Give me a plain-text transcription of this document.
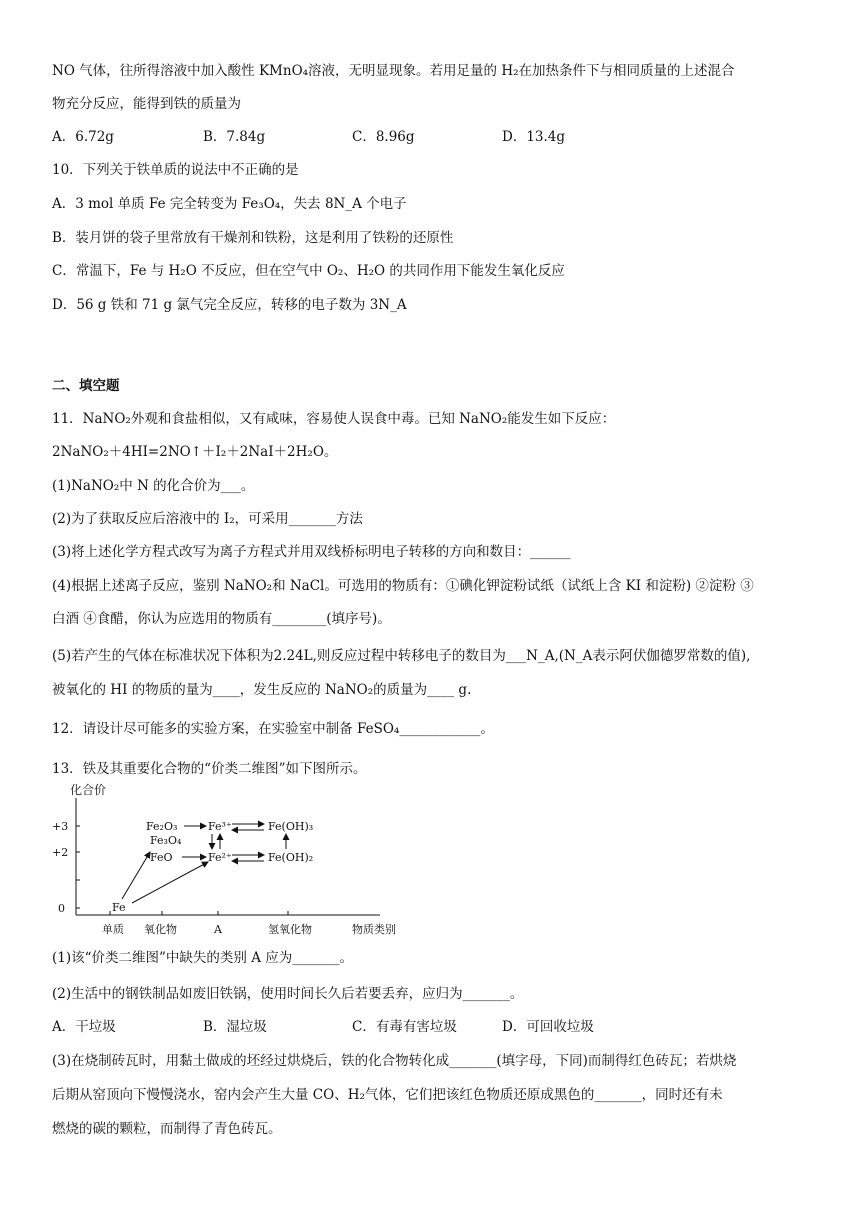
NO 气体，往所得溶液中加入酸性 KMnO₄溶液，无明显现象。若用足量的 H₂在加热条件下与相同质量的上述混合
物充分反应，能得到铁的质量为
A．6.72g	B．7.84g	C．8.96g	D．13.4g
10．下列关于铁单质的说法中不正确的是
A．3 mol 单质 Fe 完全转变为 Fe₃O₄，失去 8N_A 个电子
B．装月饼的袋子里常放有干燥剂和铁粉，这是利用了铁粉的还原性
C．常温下，Fe 与 H₂O 不反应，但在空气中 O₂、H₂O 的共同作用下能发生氧化反应
D．56 g 铁和 71 g 氯气完全反应，转移的电子数为 3N_A
二、填空题
11．NaNO₂外观和食盐相似，又有咸味，容易使人误食中毒。已知 NaNO₂能发生如下反应：
2NaNO₂＋4HI=2NO↑＋I₂＋2NaI＋2H₂O。
(1)NaNO₂中 N 的化合价为___。
(2)为了获取反应后溶液中的 I₂，可采用_______方法
(3)将上述化学方程式改写为离子方程式并用双线桥标明电子转移的方向和数目：______
(4)根据上述离子反应，鉴别 NaNO₂和 NaCl。可选用的物质有：①碘化钾淀粉试纸（试纸上含 KI 和淀粉) ②淀粉 ③
白酒 ④食醋，你认为应选用的物质有________(填序号)。
(5)若产生的气体在标准状况下体积为2.24L,则反应过程中转移电子的数目为___N_A,(N_A表示阿伏伽德罗常数的值),
被氧化的 HI 的物质的量为____，发生反应的 NaNO₂的质量为____ g.
12．请设计尽可能多的实验方案，在实验室中制备 FeSO₄____________。
13．铁及其重要化合物的“价类二维图”如下图所示。
化合价
+3
+2
0
单质 氧化物	A	氢氧化物	物质类别
Fe₂O₃
Fe₃O₄
FeO
Fe³⁺
Fe²⁺
Fe(OH)₃
Fe(OH)₂
Fe
(1)该“价类二维图”中缺失的类别 A 应为_______。
(2)生活中的钢铁制品如废旧铁锅，使用时间长久后若要丢弃，应归为_______。
A．干垃圾	B．湿垃圾	C．有毒有害垃圾	D．可回收垃圾
(3)在烧制砖瓦时，用黏土做成的坯经过烘烧后，铁的化合物转化成_______(填字母，下同)而制得红色砖瓦；若烘烧
后期从窑顶向下慢慢浇水，窑内会产生大量 CO、H₂气体，它们把该红色物质还原成黑色的_______，同时还有未
燃烧的碳的颗粒，而制得了青色砖瓦。
